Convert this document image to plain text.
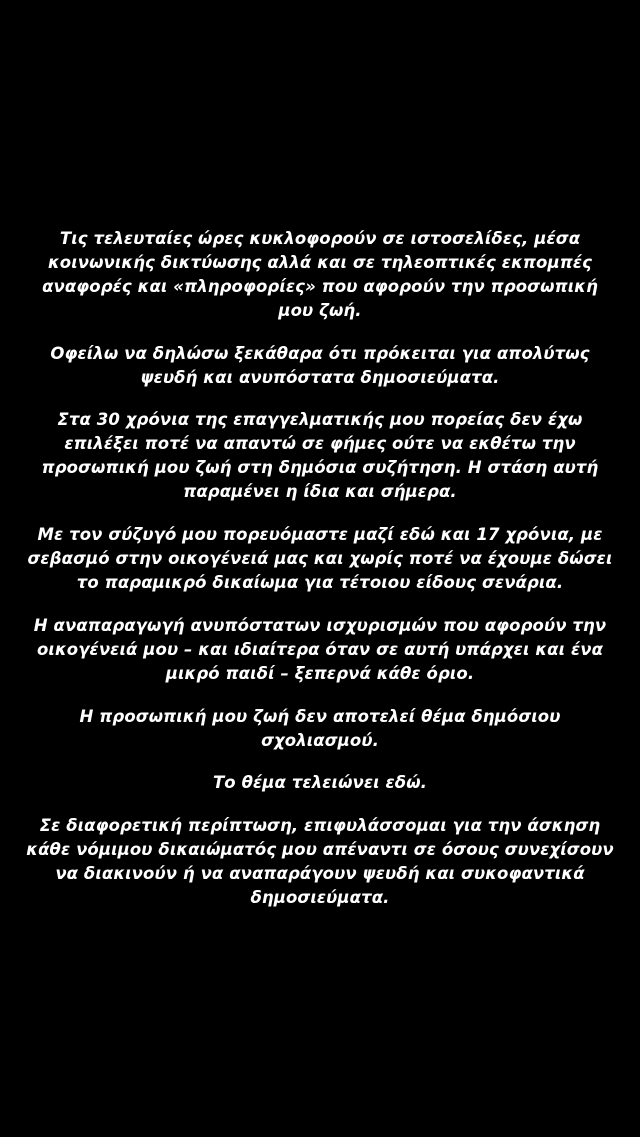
Τις τελευταίες ώρες κυκλοφορούν σε ιστοσελίδες, μέσα κοινωνικής δικτύωσης αλλά και σε τηλεοπτικές εκπομπές αναφορές και «πληροφορίες» που αφορούν την προσωπική μου ζωή.

Οφείλω να δηλώσω ξεκάθαρα ότι πρόκειται για απολύτως ψευδή και ανυπόστατα δημοσιεύματα.

Στα 30 χρόνια της επαγγελματικής μου πορείας δεν έχω επιλέξει ποτέ να απαντώ σε φήμες ούτε να εκθέτω την προσωπική μου ζωή στη δημόσια συζήτηση. Η στάση αυτή παραμένει η ίδια και σήμερα.

Με τον σύζυγό μου πορευόμαστε μαζί εδώ και 17 χρόνια, με σεβασμό στην οικογένειά μας και χωρίς ποτέ να έχουμε δώσει το παραμικρό δικαίωμα για τέτοιου είδους σενάρια.

Η αναπαραγωγή ανυπόστατων ισχυρισμών που αφορούν την οικογένειά μου – και ιδιαίτερα όταν σε αυτή υπάρχει και ένα μικρό παιδί – ξεπερνά κάθε όριο.

Η προσωπική μου ζωή δεν αποτελεί θέμα δημόσιου σχολιασμού.

Το θέμα τελειώνει εδώ.

Σε διαφορετική περίπτωση, επιφυλάσσομαι για την άσκηση κάθε νόμιμου δικαιώματός μου απέναντι σε όσους συνεχίσουν να διακινούν ή να αναπαράγουν ψευδή και συκοφαντικά δημοσιεύματα.
